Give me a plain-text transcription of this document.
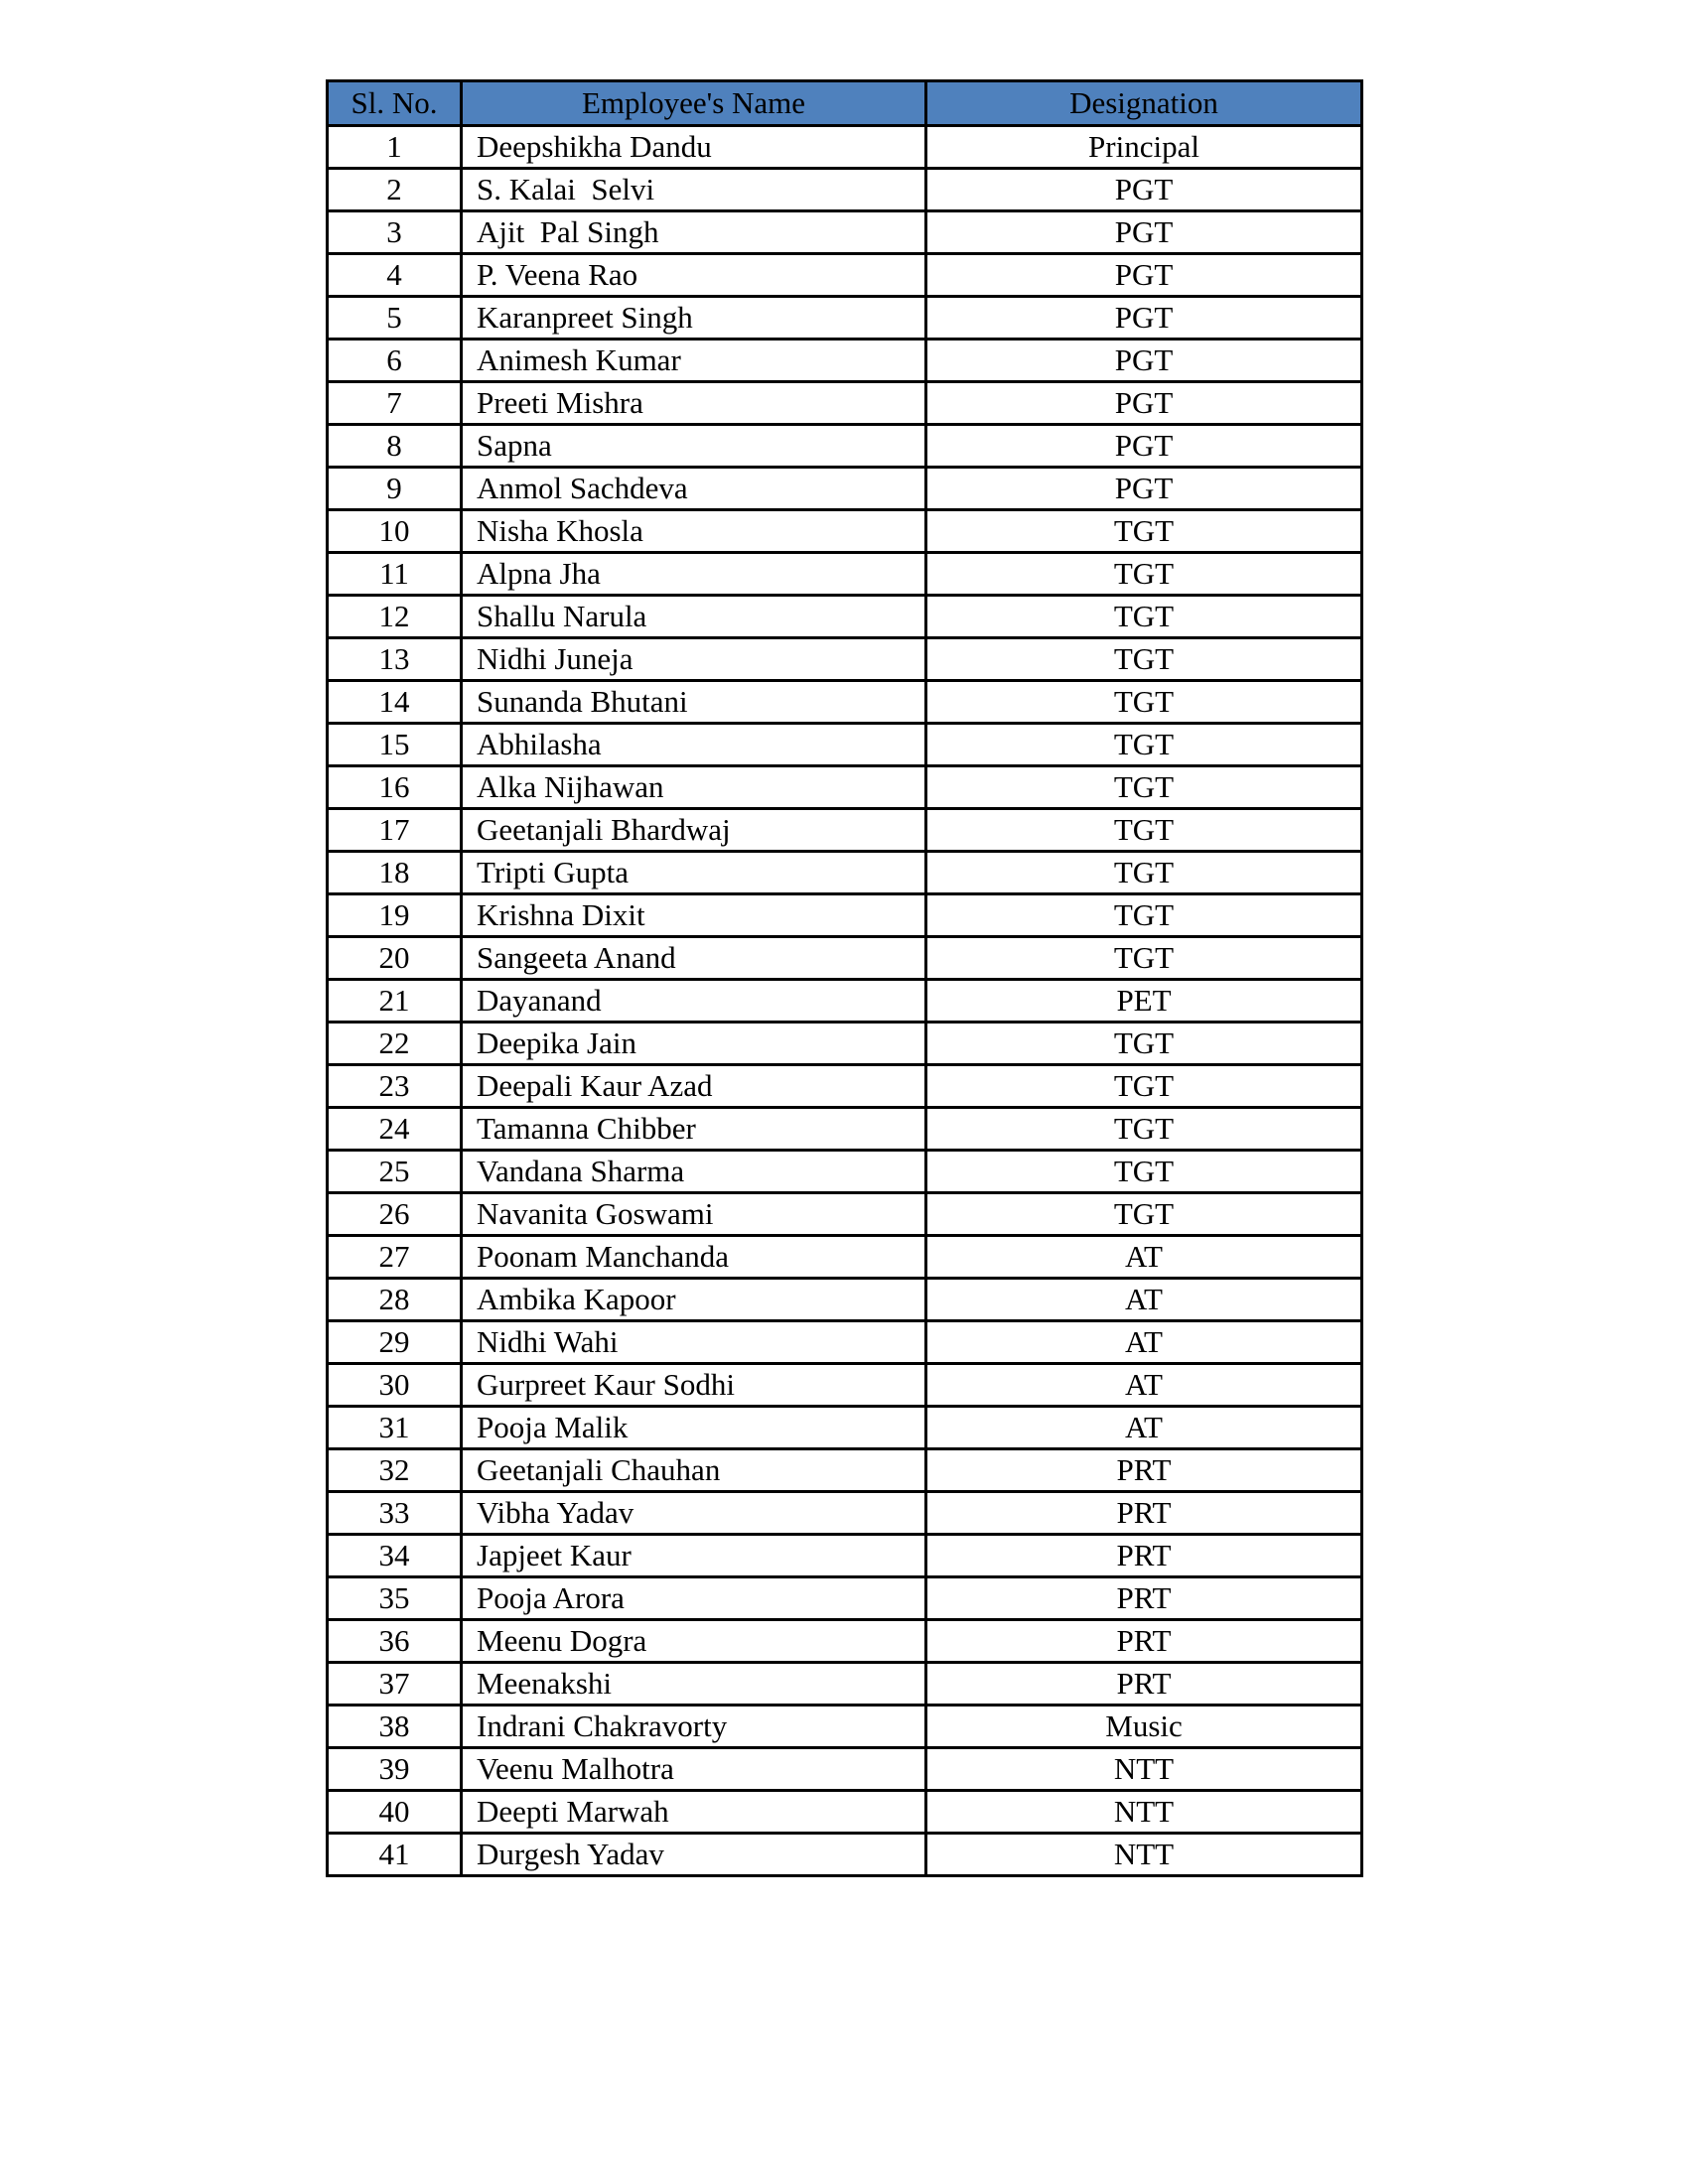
Sl. No.	Employee's Name	Designation
1	Deepshikha Dandu	Principal
2	S. Kalai  Selvi	PGT
3	Ajit  Pal Singh	PGT
4	P. Veena Rao	PGT
5	Karanpreet Singh	PGT
6	Animesh Kumar	PGT
7	Preeti Mishra	PGT
8	Sapna	PGT
9	Anmol Sachdeva	PGT
10	Nisha Khosla	TGT
11	Alpna Jha	TGT
12	Shallu Narula	TGT
13	Nidhi Juneja	TGT
14	Sunanda Bhutani	TGT
15	Abhilasha	TGT
16	Alka Nijhawan	TGT
17	Geetanjali Bhardwaj	TGT
18	Tripti Gupta	TGT
19	Krishna Dixit	TGT
20	Sangeeta Anand	TGT
21	Dayanand	PET
22	Deepika Jain	TGT
23	Deepali Kaur Azad	TGT
24	Tamanna Chibber	TGT
25	Vandana Sharma	TGT
26	Navanita Goswami	TGT
27	Poonam Manchanda	AT
28	Ambika Kapoor	AT
29	Nidhi Wahi	AT
30	Gurpreet Kaur Sodhi	AT
31	Pooja Malik	AT
32	Geetanjali Chauhan	PRT
33	Vibha Yadav	PRT
34	Japjeet Kaur	PRT
35	Pooja Arora	PRT
36	Meenu Dogra	PRT
37	Meenakshi	PRT
38	Indrani Chakravorty	Music
39	Veenu Malhotra	NTT
40	Deepti Marwah	NTT
41	Durgesh Yadav	NTT
